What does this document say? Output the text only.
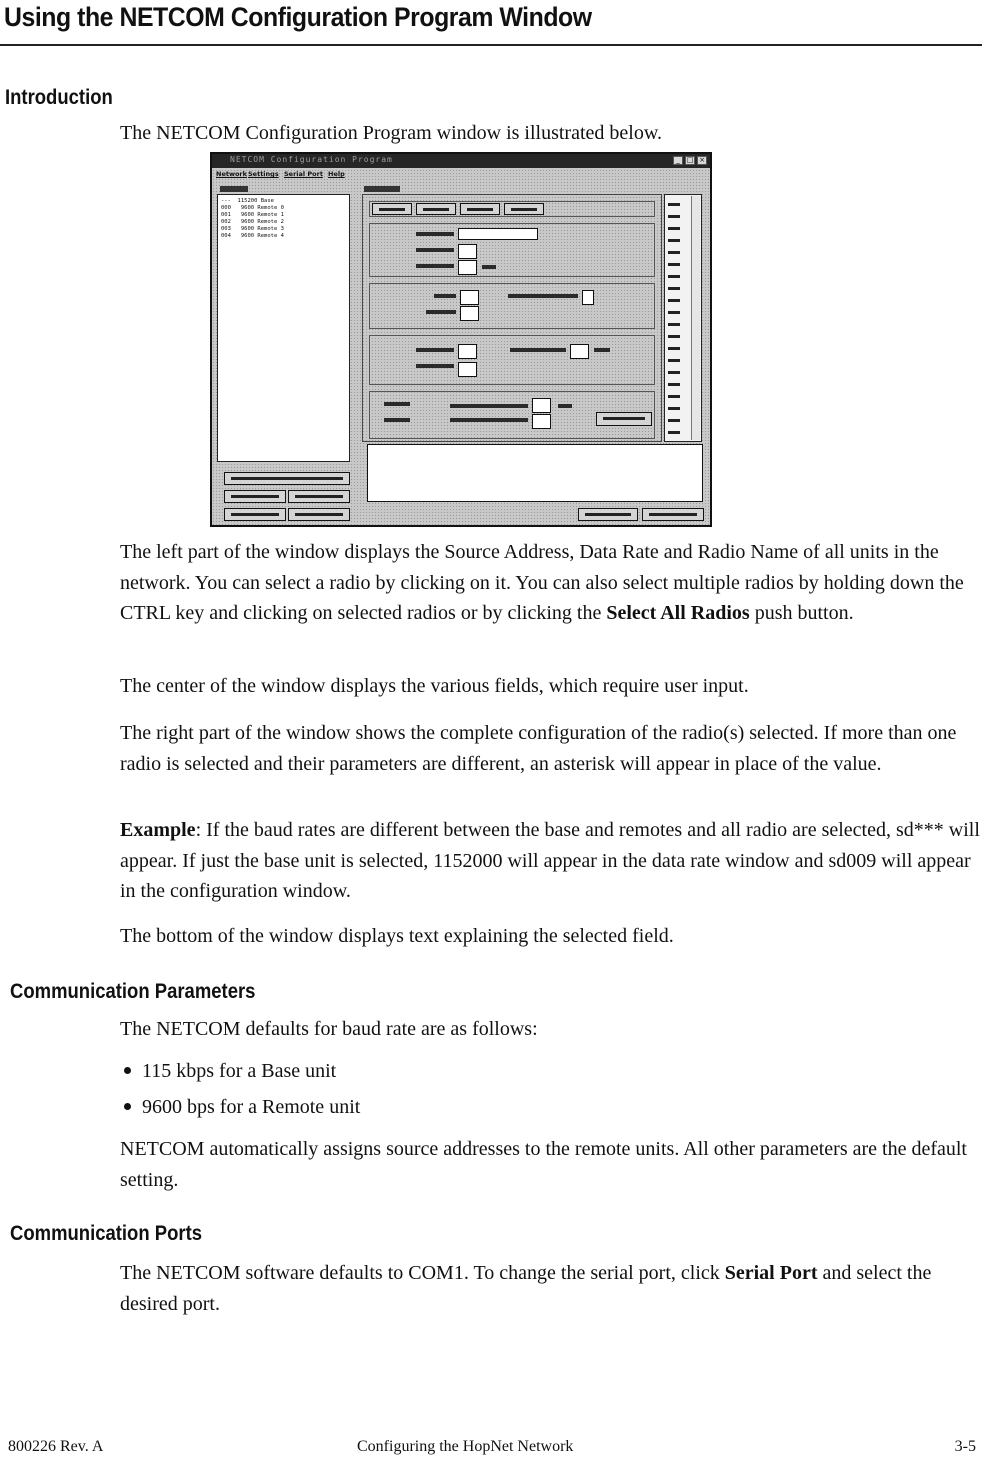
Using the NETCOM Configuration Program Window
Introduction
The NETCOM Configuration Program window is illustrated below.
NETCOM Configuration Program	_ □ ×
Network Settings Serial Port Help
---  115200 Base
000   9600 Remote 0
001   9600 Remote 1
002   9600 Remote 2
003   9600 Remote 3
004   9600 Remote 4
The left part of the window displays the Source Address, Data Rate and Radio Name of all units in the network. You can select a radio by clicking on it. You can also select multiple radios by holding down the CTRL key and clicking on selected radios or by clicking the Select All Radios push button.
The center of the window displays the various fields, which require user input.
The right part of the window shows the complete configuration of the radio(s) selected. If more than one radio is selected and their parameters are different, an asterisk will appear in place of the value.
Example: If the baud rates are different between the base and remotes and all radio are selected, sd*** will appear. If just the base unit is selected, 1152000 will appear in the data rate window and sd009 will appear in the configuration window.
The bottom of the window displays text explaining the selected field.
Communication Parameters
The NETCOM defaults for baud rate are as follows:
115 kbps for a Base unit
9600 bps for a Remote unit
NETCOM automatically assigns source addresses to the remote units. All other parameters are the default setting.
Communication Ports
The NETCOM software defaults to COM1. To change the serial port, click Serial Port and select the desired port.
800226 Rev. A	Configuring the HopNet Network	3-5
